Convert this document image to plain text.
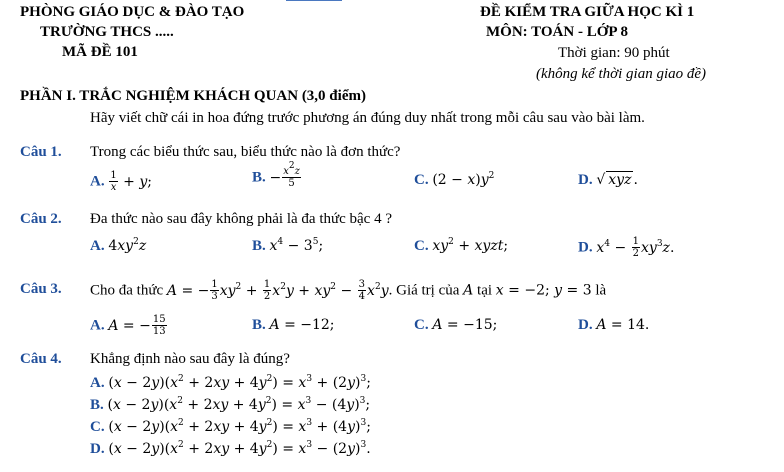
PHÒNG GIÁO DỤC & ĐÀO TẠO
TRƯỜNG THCS .....
MÃ ĐỀ 101
ĐỀ KIỂM TRA GIỮA HỌC KÌ 1
MÔN: TOÁN - LỚP 8
Thời gian: 90 phút
(không kể thời gian giao đề)
PHẦN I. TRẮC NGHIỆM KHÁCH QUAN (3,0 điểm)
Hãy viết chữ cái in hoa đứng trước phương án đúng duy nhất trong mỗi câu sau vào bài làm.
Câu 1. Trong các biểu thức sau, biểu thức nào là đơn thức?
A. $\frac{1}{x} + y$;	B. − $\frac{x^2z}{5}$	C. $(2 - x)y^2$	D. √ xyz .
Câu 2. Đa thức nào sau đây không phải là đa thức bậc 4 ?
A. $4xy^2z$	B. $x^4 - 3^5$;	C. $xy^2$ + xyzt;	D. $x^4 - \frac{1}{2} xy^3z$.
Câu 3. Cho đa thức A = − $\frac{1}{3} xy^2 + \frac{1}{2} x^2y + xy^2 - \frac{3}{4} x^2y$. Giá trị của A tại x = −2; y = 3 là
A. A = − $\frac{15}{13}$	B. A = −12;	C. A = −15;	D. A = 14.
Câu 4. Khẳng định nào sau đây là đúng?
A. $(x - 2y)(x^2 + 2xy + 4y^2) = x^3 + (2y)^3$;
B. $(x - 2y)(x^2 + 2xy + 4y^2) = x^3 - (4y)^3$;
C. $(x - 2y)(x^2 + 2xy + 4y^2) = x^3 + (4y)^3$;
D. $(x - 2y)(x^2 + 2xy + 4y^2) = x^3 - (2y)^3$.
